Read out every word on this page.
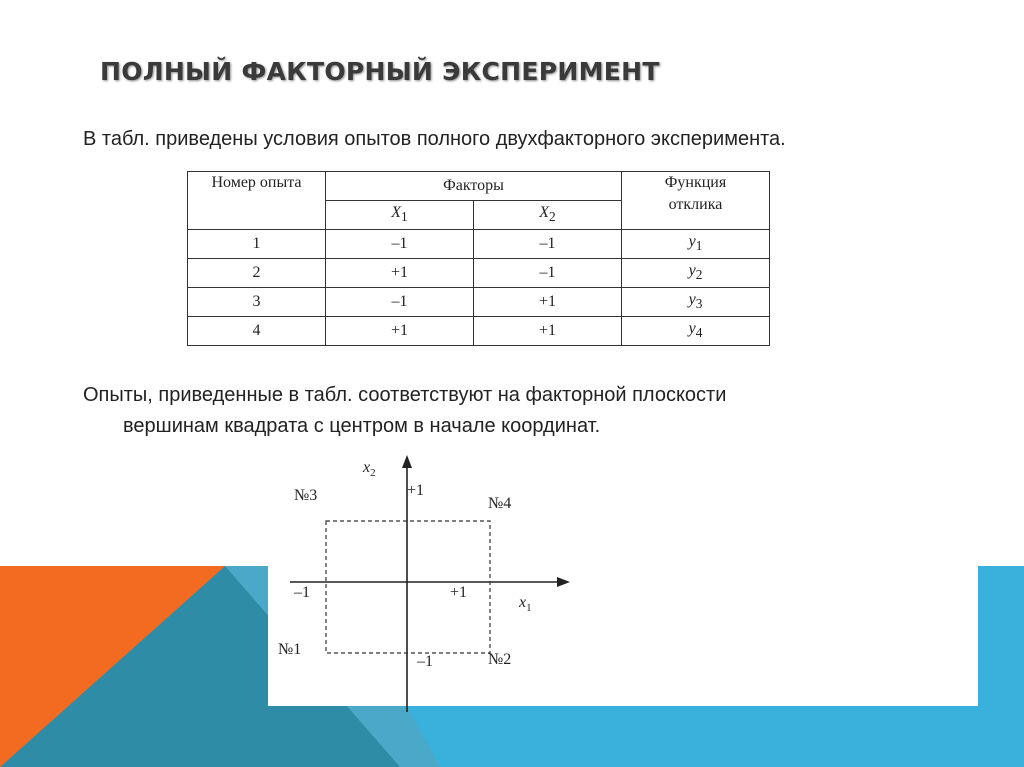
ПОЛНЫЙ ФАКТОРНЫЙ ЭКСПЕРИМЕНТ

В табл. приведены условия опытов полного двухфакторного эксперимента.

Номер опыта	Факторы		Функция
отклика
	$X_1$	$X_2$
1	–1	–1	$y_1$
2	+1	–1	$y_2$
3	–1	+1	$y_3$
4	+1	+1	$y_4$

Опыты, приведенные в табл. соответствуют на факторной плоскости
вершинам квадрата с центром в начале координат.

$x_2$
$x_1$
+1
–1
+1
–1
№3	№4
№1
№2
